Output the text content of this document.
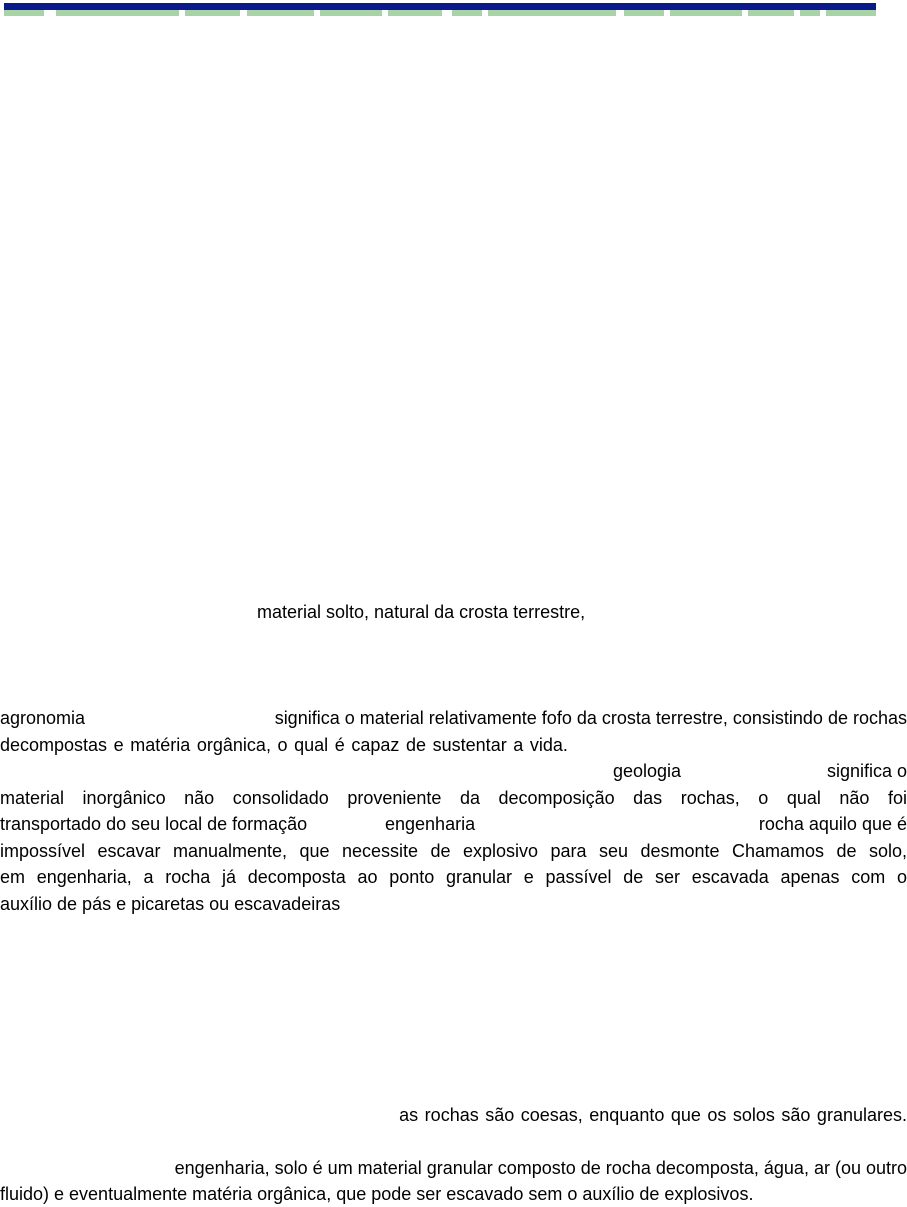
material solto, natural da crosta terrestre,
agronomia	significa o material relativamente fofo da crosta terrestre, consistindo de rochas
decompostas e matéria orgânica, o qual é capaz de sustentar a vida.
geologia	significa o
material inorgânico não consolidado proveniente da decomposição das rochas, o qual não foi
transportado do seu local de formação	engenharia	rocha aquilo que é
impossível escavar manualmente, que necessite de explosivo para seu desmonte Chamamos de solo,
em engenharia, a rocha já decomposta ao ponto granular e passível de ser escavada apenas com o
auxílio de pás e picaretas ou escavadeiras
as rochas são coesas, enquanto que os solos são granulares.
engenharia, solo é um material granular composto de rocha decomposta, água, ar (ou outro
fluido) e eventualmente matéria orgânica, que pode ser escavado sem o auxílio de explosivos.
